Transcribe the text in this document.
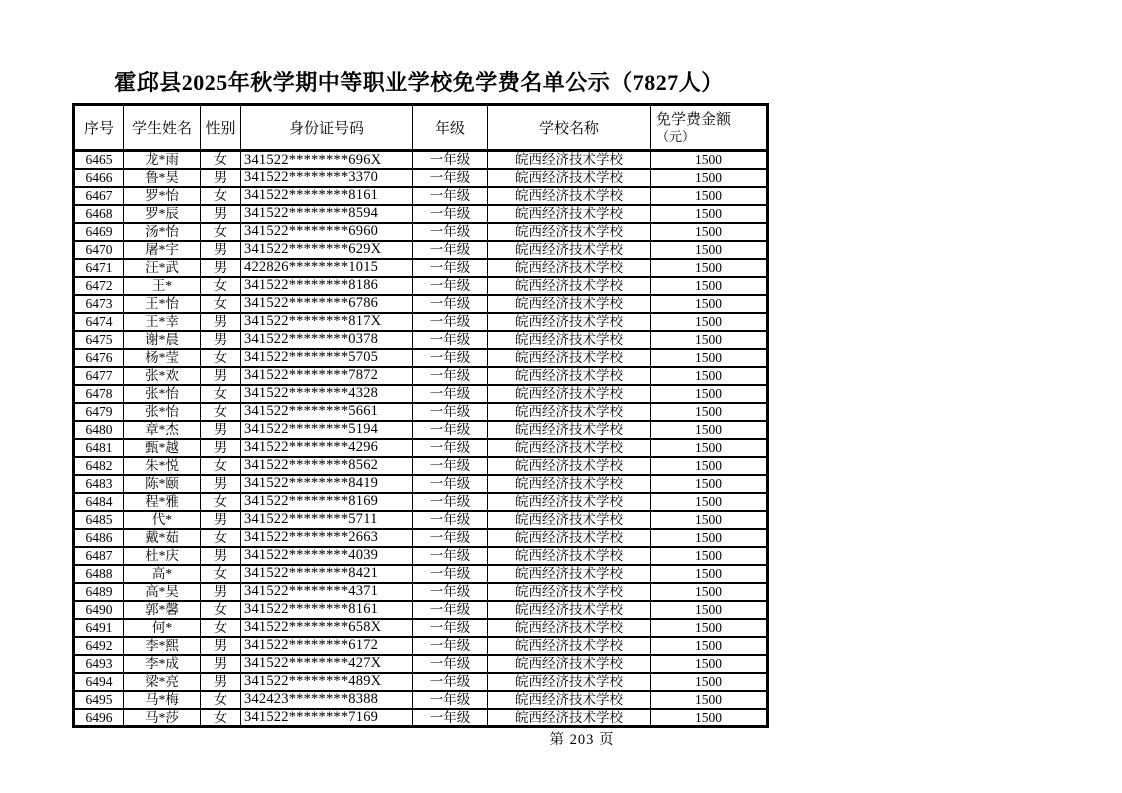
霍邱县2025年秋学期中等职业学校免学费名单公示（7827人）
序号	学生姓名	性别	身份证号码	年级	学校名称	免学费金额
（元）

6465	龙*雨	女	341522********696X	一年级	皖西经济技术学校	1500
6466	鲁*昊	男	341522********3370	一年级	皖西经济技术学校	1500
6467	罗*怡	女	341522********8161	一年级	皖西经济技术学校	1500
6468	罗*辰	男	341522********8594	一年级	皖西经济技术学校	1500
6469	汤*怡	女	341522********6960	一年级	皖西经济技术学校	1500
6470	屠*宇	男	341522********629X	一年级	皖西经济技术学校	1500
6471	汪*武	男	422826********1015	一年级	皖西经济技术学校	1500
6472	王*	女	341522********8186	一年级	皖西经济技术学校	1500
6473	王*怡	女	341522********6786	一年级	皖西经济技术学校	1500
6474	王*幸	男	341522********817X	一年级	皖西经济技术学校	1500
6475	谢*晨	男	341522********0378	一年级	皖西经济技术学校	1500
6476	杨*莹	女	341522********5705	一年级	皖西经济技术学校	1500
6477	张*欢	男	341522********7872	一年级	皖西经济技术学校	1500
6478	张*怡	女	341522********4328	一年级	皖西经济技术学校	1500
6479	张*怡	女	341522********5661	一年级	皖西经济技术学校	1500
6480	章*杰	男	341522********5194	一年级	皖西经济技术学校	1500
6481	甄*越	男	341522********4296	一年级	皖西经济技术学校	1500
6482	朱*悦	女	341522********8562	一年级	皖西经济技术学校	1500
6483	陈*颐	男	341522********8419	一年级	皖西经济技术学校	1500
6484	程*雅	女	341522********8169	一年级	皖西经济技术学校	1500
6485	代*	男	341522********5711	一年级	皖西经济技术学校	1500
6486	戴*茹	女	341522********2663	一年级	皖西经济技术学校	1500
6487	杜*庆	男	341522********4039	一年级	皖西经济技术学校	1500
6488	高*	女	341522********8421	一年级	皖西经济技术学校	1500
6489	高*昊	男	341522********4371	一年级	皖西经济技术学校	1500
6490	郭*馨	女	341522********8161	一年级	皖西经济技术学校	1500
6491	何*	女	341522********658X	一年级	皖西经济技术学校	1500
6492	李*熙	男	341522********6172	一年级	皖西经济技术学校	1500
6493	李*成	男	341522********427X	一年级	皖西经济技术学校	1500
6494	梁*亮	男	341522********489X	一年级	皖西经济技术学校	1500
6495	马*梅	女	342423********8388	一年级	皖西经济技术学校	1500
6496	马*莎	女	341522********7169	一年级	皖西经济技术学校	1500
第 203 页
